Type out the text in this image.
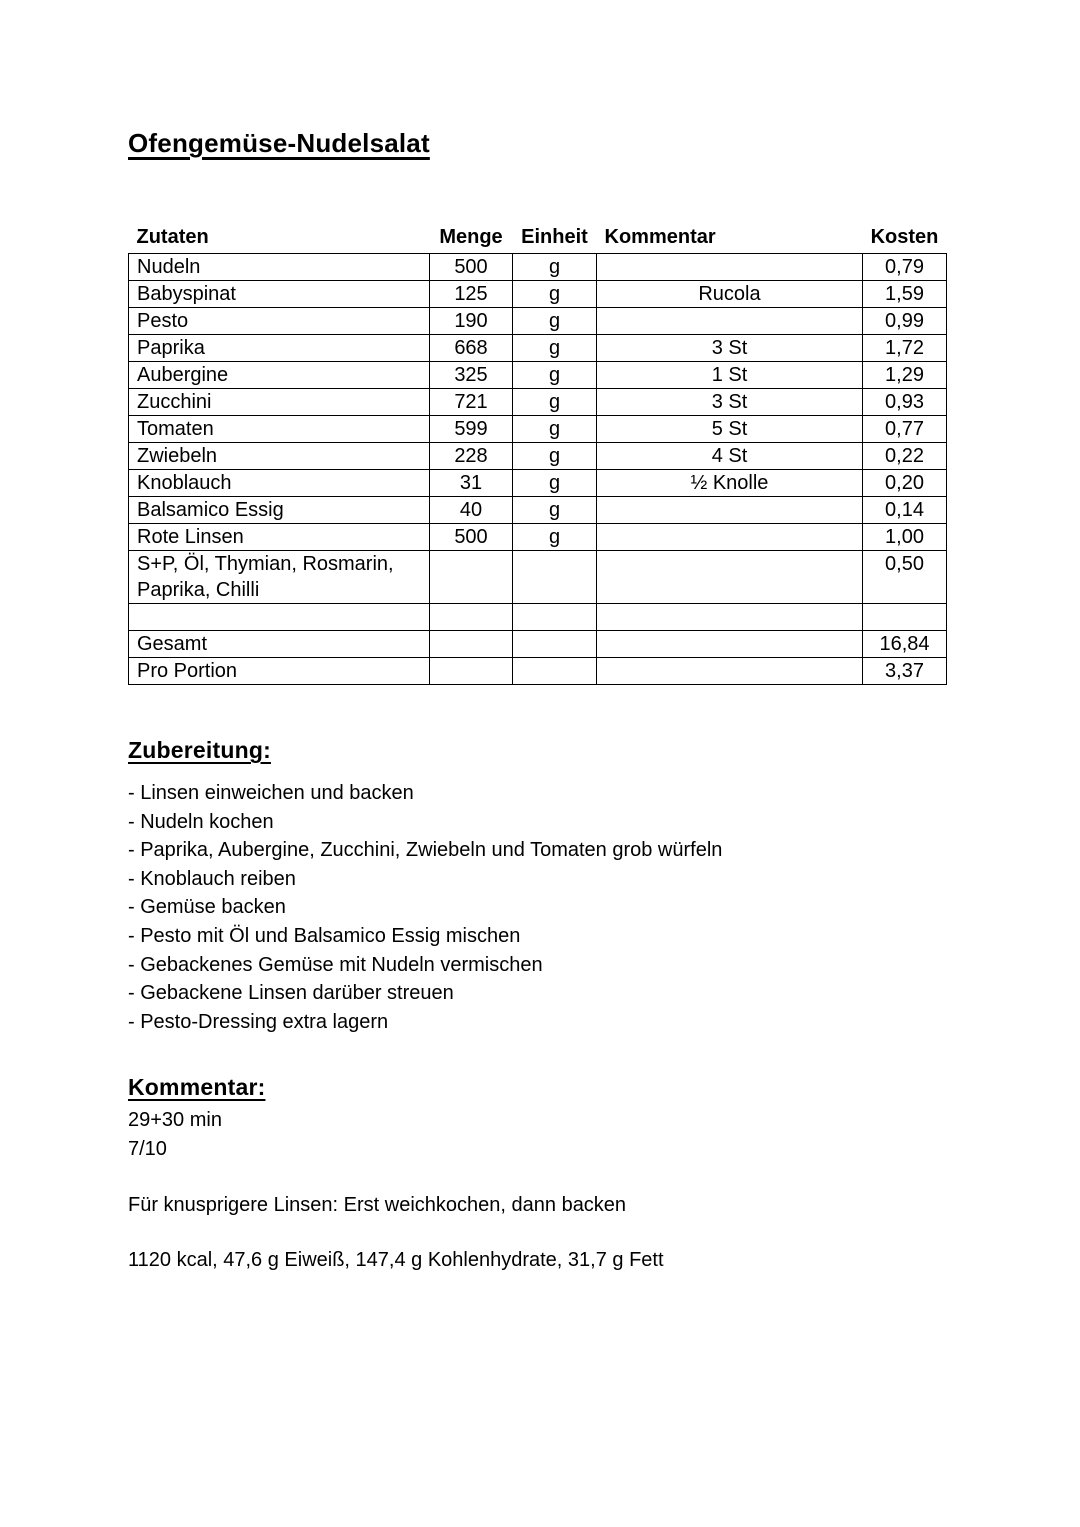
Ofengemüse-Nudelsalat
Zutaten	Menge	Einheit	Kommentar	Kosten
Nudeln	500	g		0,79
Babyspinat	125	g	Rucola	1,59
Pesto	190	g		0,99
Paprika	668	g	3 St	1,72
Aubergine	325	g	1 St	1,29
Zucchini	721	g	3 St	0,93
Tomaten	599	g	5 St	0,77
Zwiebeln	228	g	4 St	0,22
Knoblauch	31	g	½ Knolle	0,20
Balsamico Essig	40	g		0,14
Rote Linsen	500	g		1,00
S+P, Öl, Thymian, Rosmarin, Paprika, Chilli				0,50

Gesamt				16,84
Pro Portion				3,37
Zubereitung:
- Linsen einweichen und backen
- Nudeln kochen
- Paprika, Aubergine, Zucchini, Zwiebeln und Tomaten grob würfeln
- Knoblauch reiben
- Gemüse backen
- Pesto mit Öl und Balsamico Essig mischen
- Gebackenes Gemüse mit Nudeln vermischen
- Gebackene Linsen darüber streuen
- Pesto-Dressing extra lagern
Kommentar:
29+30 min
7/10
Für knusprigere Linsen: Erst weichkochen, dann backen
1120 kcal, 47,6 g Eiweiß, 147,4 g Kohlenhydrate, 31,7 g Fett
